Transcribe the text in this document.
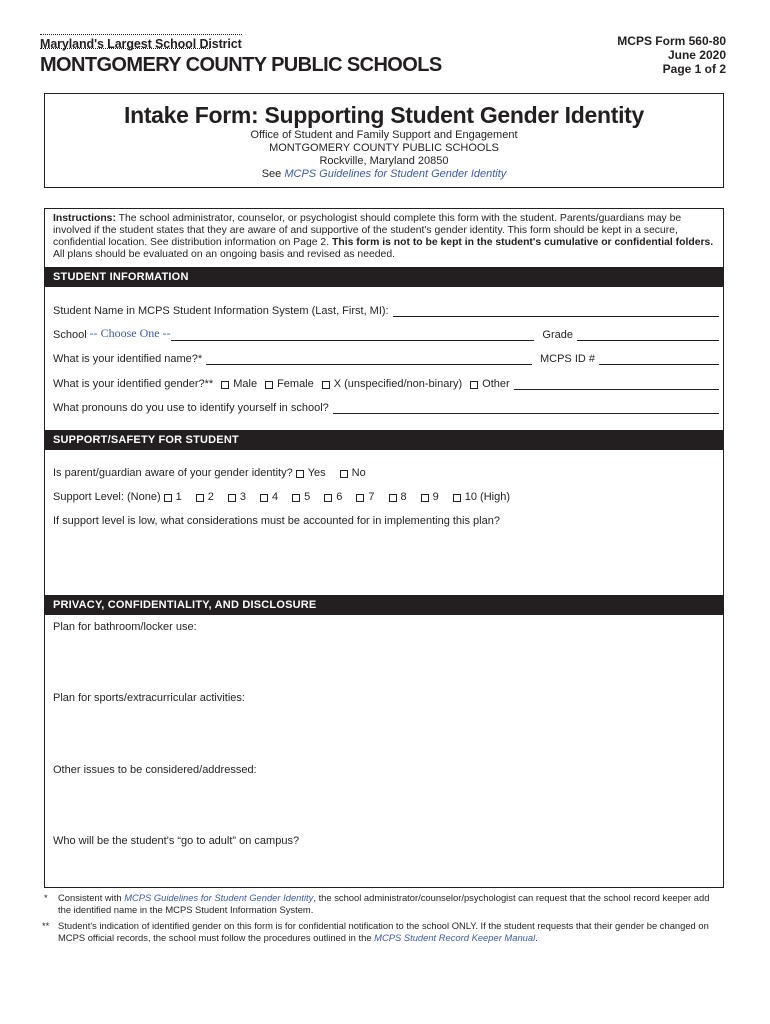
Maryland's Largest School District
MONTGOMERY COUNTY PUBLIC SCHOOLS
MCPS Form 560-80
June 2020
Page 1 of 2
Intake Form: Supporting Student Gender Identity
Office of Student and Family Support and Engagement
MONTGOMERY COUNTY PUBLIC SCHOOLS
Rockville, Maryland 20850
See MCPS Guidelines for Student Gender Identity
Instructions: The school administrator, counselor, or psychologist should complete this form with the student. Parents/guardians may be involved if the student states that they are aware of and supportive of the student's gender identity. This form should be kept in a secure, confidential location. See distribution information on Page 2. This form is not to be kept in the student's cumulative or confidential folders. All plans should be evaluated on an ongoing basis and revised as needed.
STUDENT INFORMATION
Student Name in MCPS Student Information System (Last, First, MI):
School -- Choose One --	Grade
What is your identified name?*	MCPS ID #
What is your identified gender?** Male Female X (unspecified/non-binary) Other
What pronouns do you use to identify yourself in school?
SUPPORT/SAFETY FOR STUDENT
Is parent/guardian aware of your gender identity? Yes No
Support Level: (None) 1 2 3 4 5 6 7 8 9 10 (High)
If support level is low, what considerations must be accounted for in implementing this plan?
PRIVACY, CONFIDENTIALITY, AND DISCLOSURE
Plan for bathroom/locker use:
Plan for sports/extracurricular activities:
Other issues to be considered/addressed:
Who will be the student's “go to adult” on campus?
* Consistent with MCPS Guidelines for Student Gender Identity, the school administrator/counselor/psychologist can request that the school record keeper add the identified name in the MCPS Student Information System.
** Student's indication of identified gender on this form is for confidential notification to the school ONLY. If the student requests that their gender be changed on MCPS official records, the school must follow the procedures outlined in the MCPS Student Record Keeper Manual.
